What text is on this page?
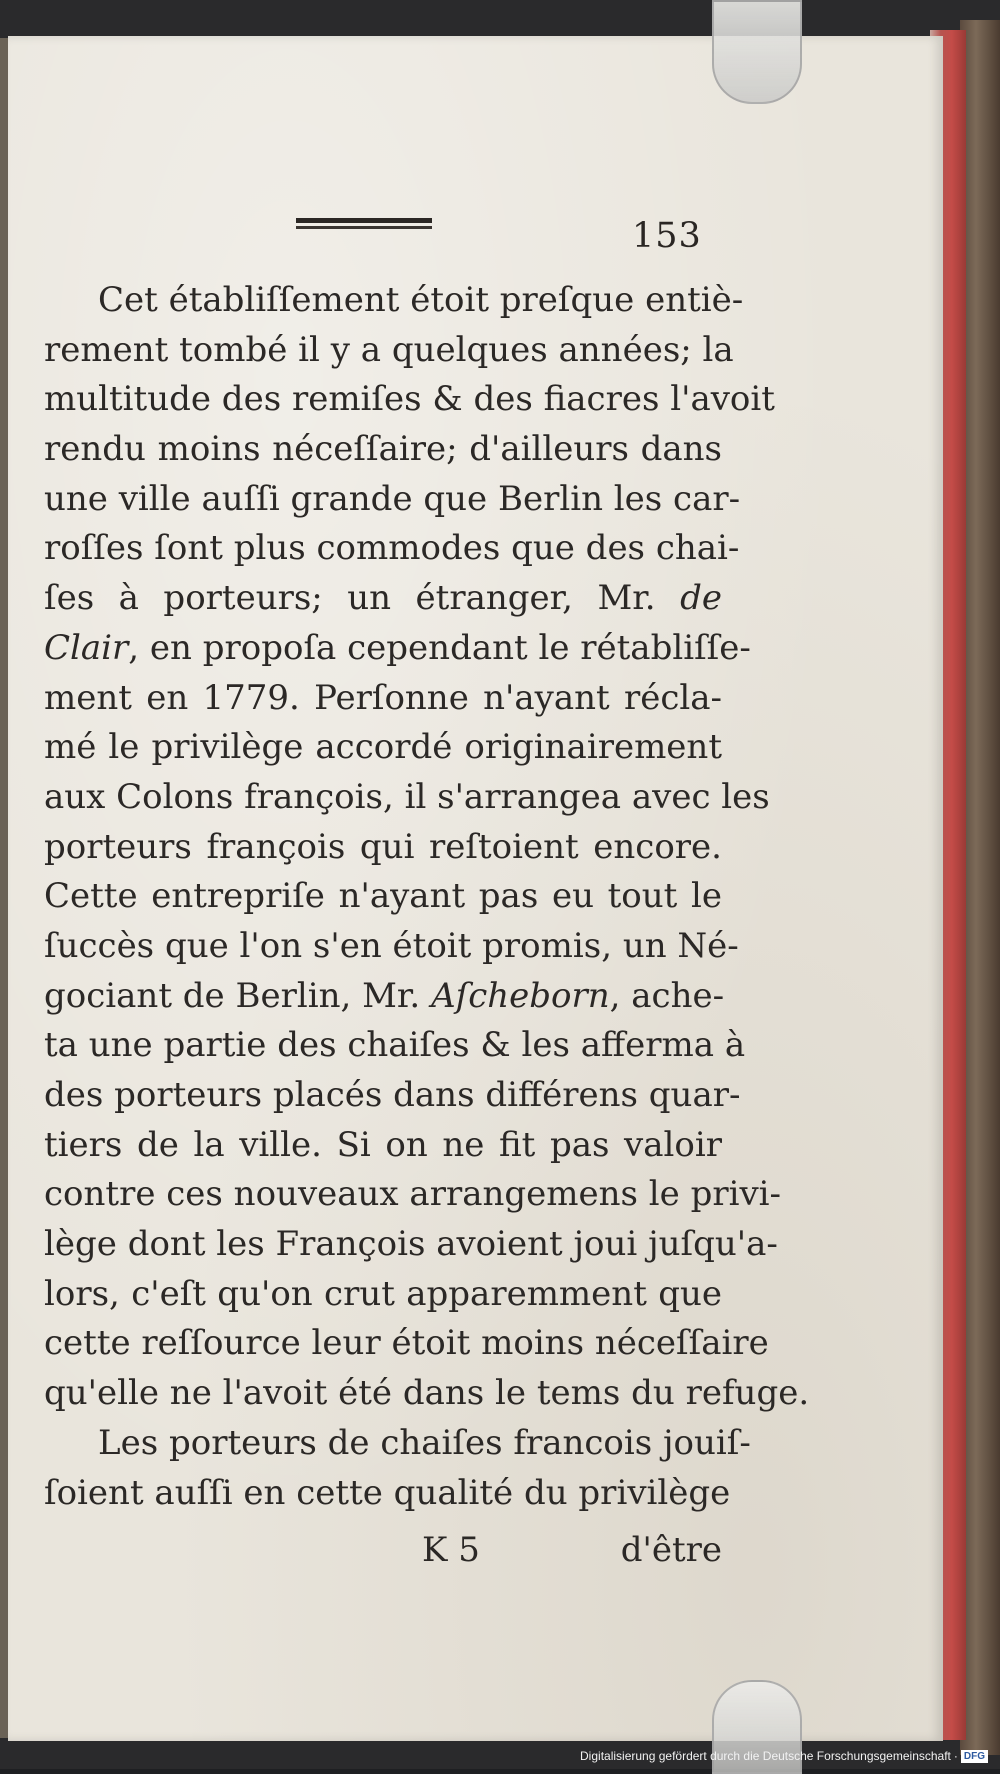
153
Cet établiſſement étoit preſque entiè-
rement tombé il y a quelques années; la
multitude des remiſes & des fiacres l'avoit
rendu moins néceſſaire; d'ailleurs dans
une ville auſſi grande que Berlin les car-
roſſes ſont plus commodes que des chai-
ſes à porteurs; un étranger, Mr. de
Clair, en propoſa cependant le rétabliſſe-
ment en 1779. Perſonne n'ayant récla-
mé le privilège accordé originairement
aux Colons françois, il s'arrangea avec les
porteurs françois qui reſtoient encore.
Cette entrepriſe n'ayant pas eu tout le
ſuccès que l'on s'en étoit promis, un Né-
gociant de Berlin, Mr. Aſcheborn, ache-
ta une partie des chaiſes & les afferma à
des porteurs placés dans différens quar-
tiers de la ville. Si on ne fit pas valoir
contre ces nouveaux arrangemens le privi-
lège dont les François avoient joui juſqu'a-
lors, c'eſt qu'on crut apparemment que
cette reſſource leur étoit moins néceſſaire
qu'elle ne l'avoit été dans le tems du refuge.
Les porteurs de chaiſes francois jouiſ-
ſoient auſſi en cette qualité du privilège
K 5	d'être
Digitalisierung gefördert durch die Deutsche Forschungsgemeinschaft · DFG
